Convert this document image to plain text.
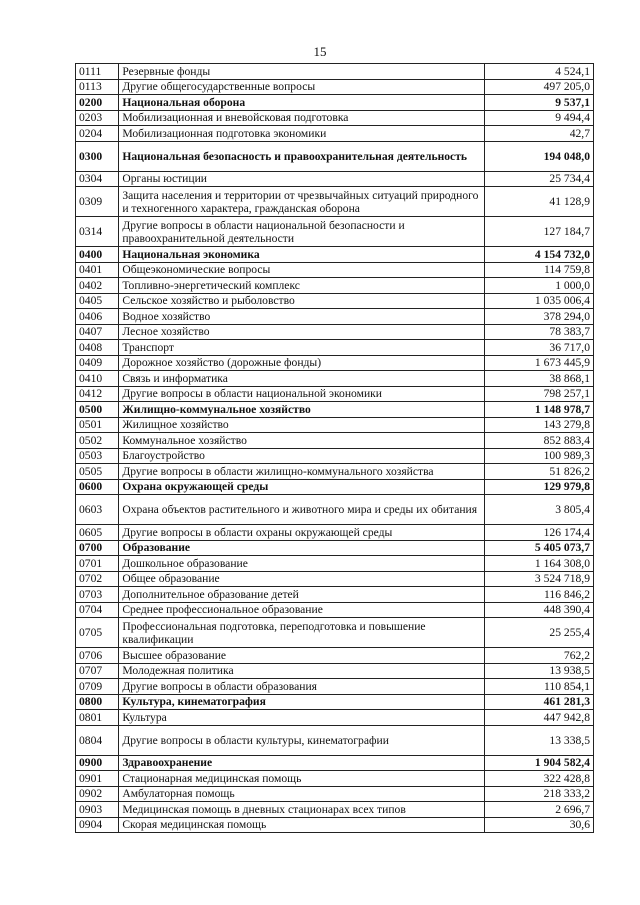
15
0111	Резервные фонды	4 524,1
0113	Другие общегосударственные вопросы	497 205,0
0200	Национальная оборона	9 537,1
0203	Мобилизационная и вневойсковая подготовка	9 494,4
0204	Мобилизационная подготовка экономики	42,7
0300	Национальная безопасность и правоохранительная деятельность	194 048,0
0304	Органы юстиции	25 734,4
0309	Защита населения и территории от чрезвычайных ситуаций природного и техногенного характера, гражданская оборона	41 128,9
0314	Другие вопросы в области национальной безопасности и правоохранительной деятельности	127 184,7
0400	Национальная экономика	4 154 732,0
0401	Общеэкономические вопросы	114 759,8
0402	Топливно-энергетический комплекс	1 000,0
0405	Сельское хозяйство и рыболовство	1 035 006,4
0406	Водное хозяйство	378 294,0
0407	Лесное хозяйство	78 383,7
0408	Транспорт	36 717,0
0409	Дорожное хозяйство (дорожные фонды)	1 673 445,9
0410	Связь и информатика	38 868,1
0412	Другие вопросы в области национальной экономики	798 257,1
0500	Жилищно-коммунальное хозяйство	1 148 978,7
0501	Жилищное хозяйство	143 279,8
0502	Коммунальное хозяйство	852 883,4
0503	Благоустройство	100 989,3
0505	Другие вопросы в области жилищно-коммунального хозяйства	51 826,2
0600	Охрана окружающей среды	129 979,8
0603	Охрана объектов растительного и животного мира и среды их обитания	3 805,4
0605	Другие вопросы в области охраны окружающей среды	126 174,4
0700	Образование	5 405 073,7
0701	Дошкольное образование	1 164 308,0
0702	Общее образование	3 524 718,9
0703	Дополнительное образование детей	116 846,2
0704	Среднее профессиональное образование	448 390,4
0705	Профессиональная подготовка, переподготовка и повышение квалификации	25 255,4
0706	Высшее образование	762,2
0707	Молодежная политика	13 938,5
0709	Другие вопросы в области образования	110 854,1
0800	Культура, кинематография	461 281,3
0801	Культура	447 942,8
0804	Другие вопросы в области культуры, кинематографии	13 338,5
0900	Здравоохранение	1 904 582,4
0901	Стационарная медицинская помощь	322 428,8
0902	Амбулаторная помощь	218 333,2
0903	Медицинская помощь в дневных стационарах всех типов	2 696,7
0904	Скорая медицинская помощь	30,6
